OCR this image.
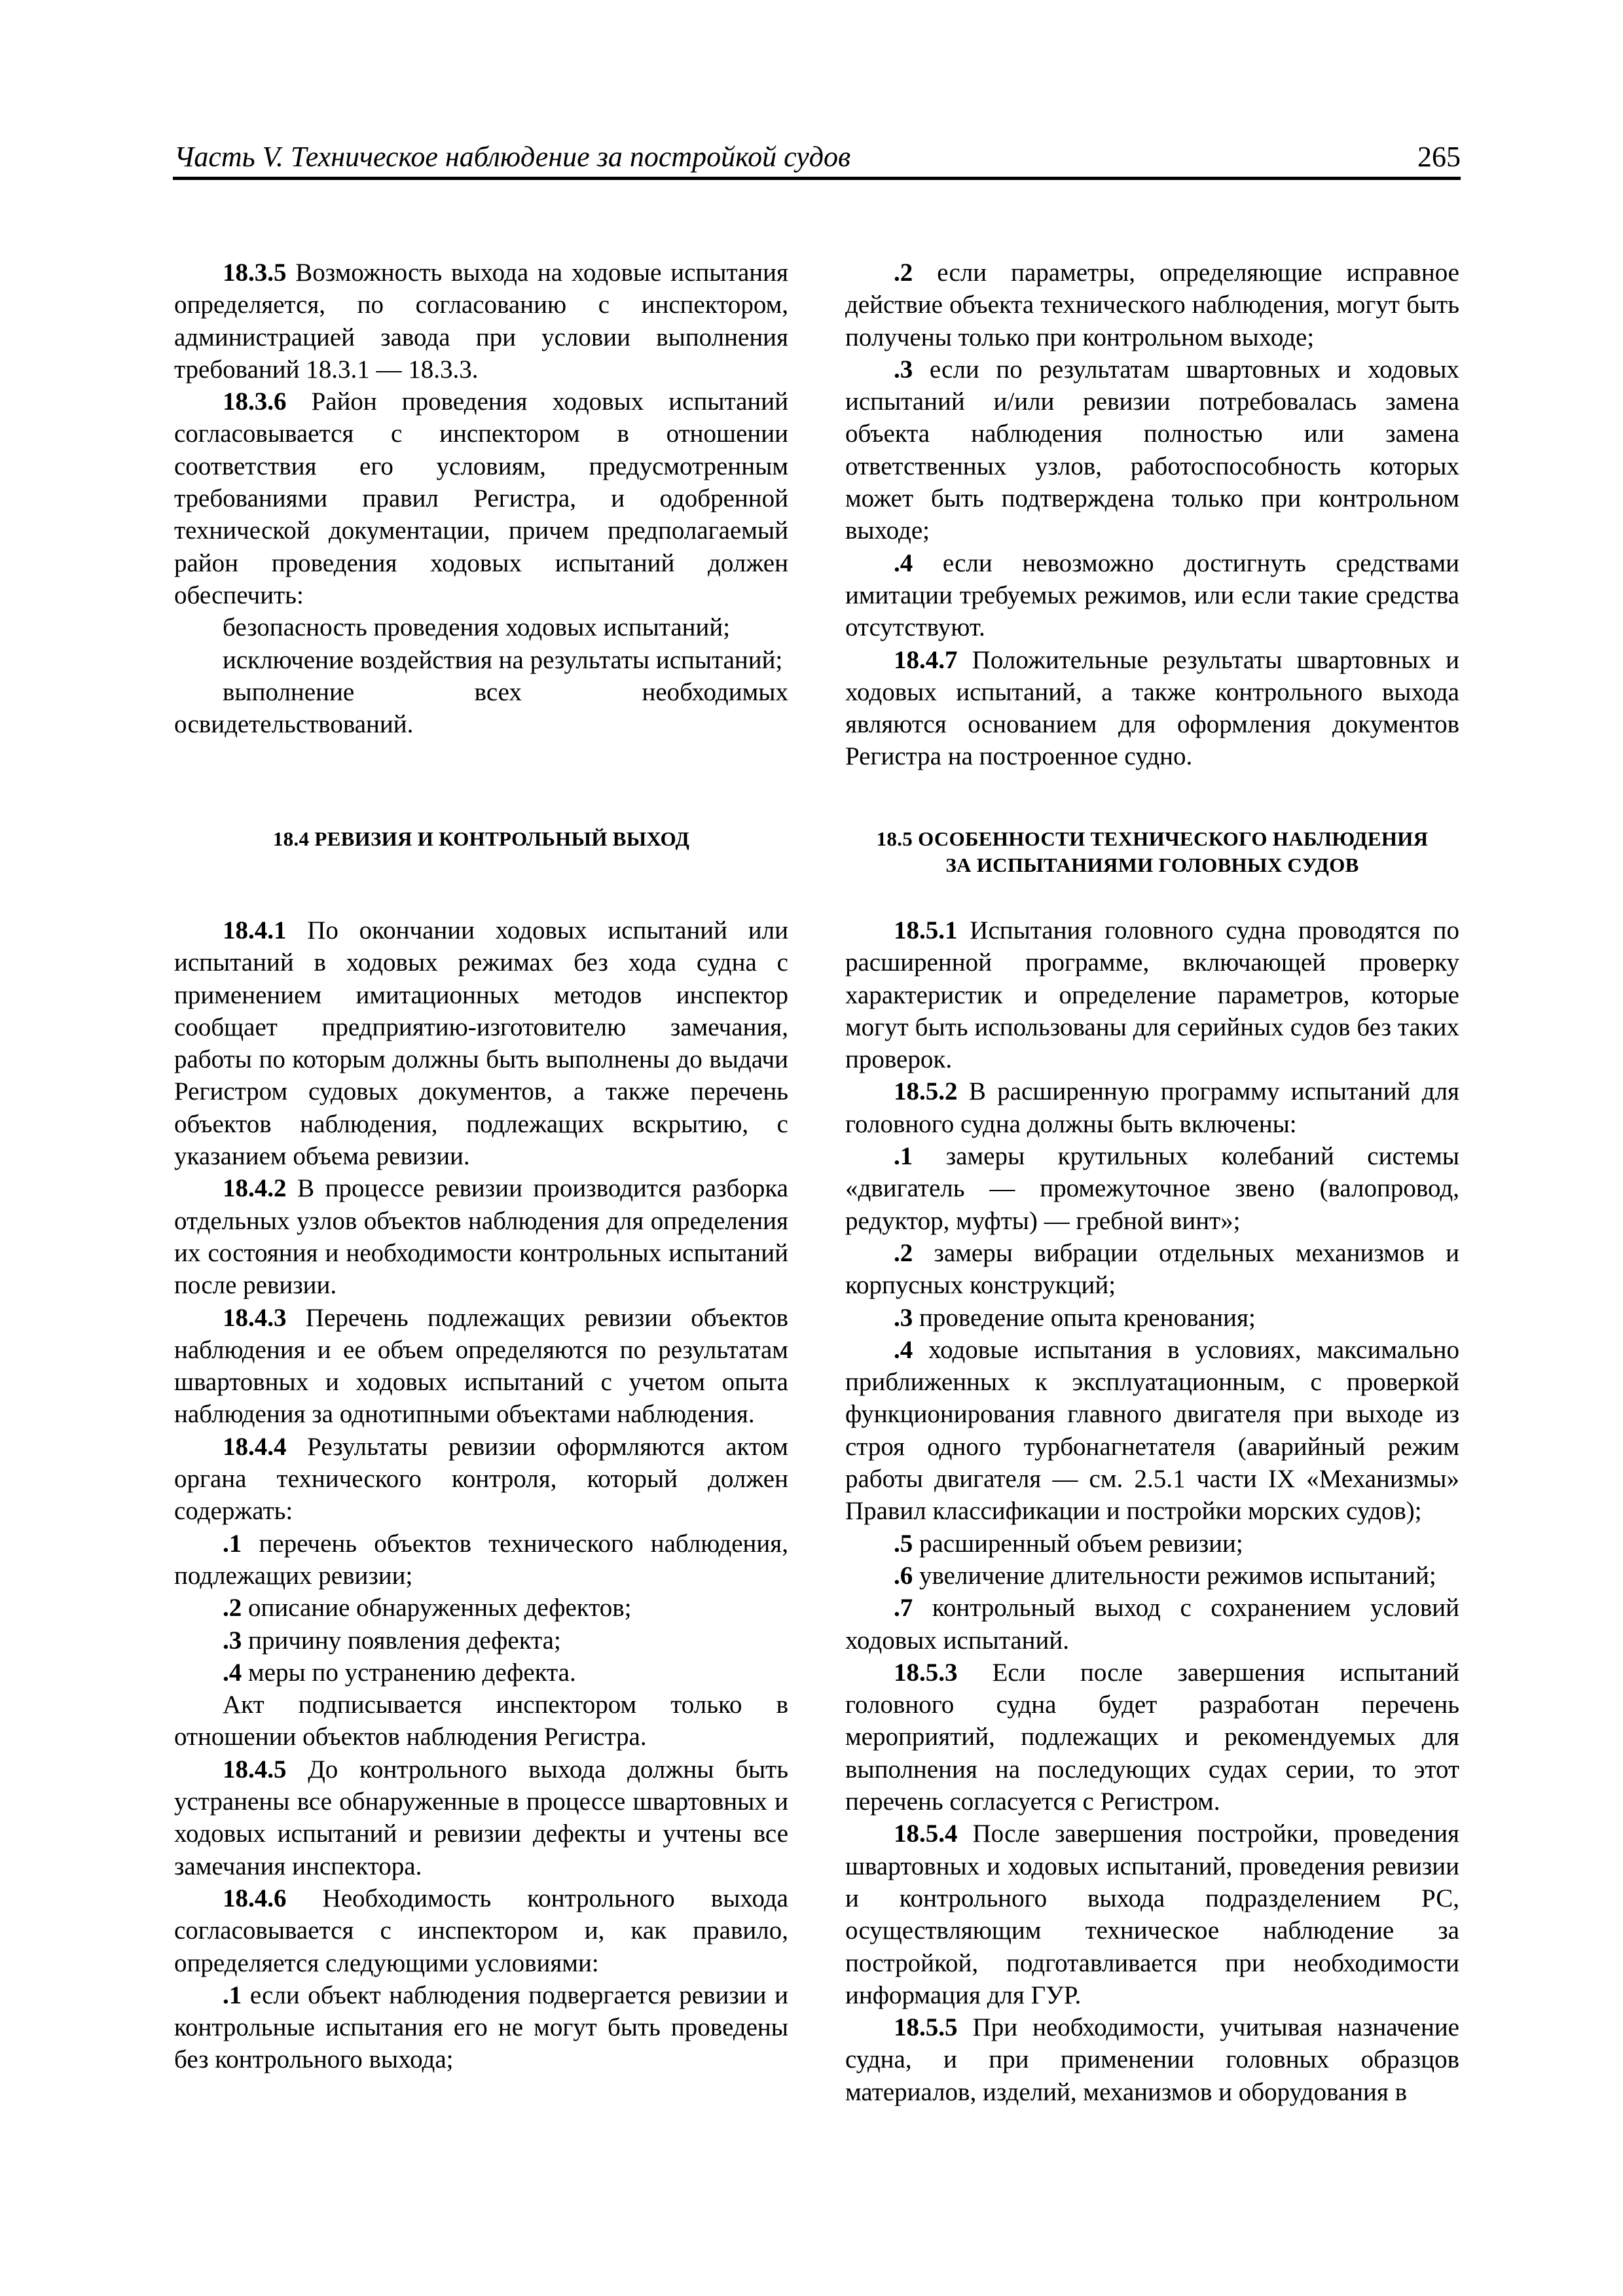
Часть V. Техническое наблюдение за постройкой судов	265

18.3.5 Возможность выхода на ходовые испытания определяется, по согласованию с инспектором, администрацией завода при условии выполнения требований 18.3.1 — 18.3.3.

18.3.6 Район проведения ходовых испытаний согласовывается с инспектором в отношении соответствия его условиям, предусмотренным требованиями правил Регистра, и одобренной технической документации, причем предполагаемый район проведения ходовых испытаний должен обеспечить:

безопасность проведения ходовых испытаний;

исключение воздействия на результаты испытаний;

выполнение всех необходимых освидетельствований.

.2 если параметры, определяющие исправное действие объекта технического наблюдения, могут быть получены только при контрольном выходе;

.3 если по результатам швартовных и ходовых испытаний и/или ревизии потребовалась замена объекта наблюдения полностью или замена ответственных узлов, работоспособность которых может быть подтверждена только при контрольном выходе;

.4 если невозможно достигнуть средствами имитации требуемых режимов, или если такие средства отсутствуют.

18.4.7 Положительные результаты швартовных и ходовых испытаний, а также контрольного выхода являются основанием для оформления документов Регистра на построенное судно.

18.4 РЕВИЗИЯ И КОНТРОЛЬНЫЙ ВЫХОД	18.5 ОСОБЕННОСТИ ТЕХНИЧЕСКОГО НАБЛЮДЕНИЯ
ЗА ИСПЫТАНИЯМИ ГОЛОВНЫХ СУДОВ

18.4.1 По окончании ходовых испытаний или испытаний в ходовых режимах без хода судна с применением имитационных методов инспектор сообщает предприятию-изготовителю замечания, работы по которым должны быть выполнены до выдачи Регистром судовых документов, а также перечень объектов наблюдения, подлежащих вскрытию, с указанием объема ревизии.

18.4.2 В процессе ревизии производится разборка отдельных узлов объектов наблюдения для определения их состояния и необходимости контрольных испытаний после ревизии.

18.4.3 Перечень подлежащих ревизии объектов наблюдения и ее объем определяются по результатам швартовных и ходовых испытаний с учетом опыта наблюдения за однотипными объектами наблюдения.

18.4.4 Результаты ревизии оформляются актом органа технического контроля, который должен содержать:

.1 перечень объектов технического наблюдения, подлежащих ревизии;

.2 описание обнаруженных дефектов;

.3 причину появления дефекта;

.4 меры по устранению дефекта.

Акт подписывается инспектором только в отношении объектов наблюдения Регистра.

18.4.5 До контрольного выхода должны быть устранены все обнаруженные в процессе швартовных и ходовых испытаний и ревизии дефекты и учтены все замечания инспектора.

18.4.6 Необходимость контрольного выхода согласовывается с инспектором и, как правило, определяется следующими условиями:

.1 если объект наблюдения подвергается ревизии и контрольные испытания его не могут быть проведены без контрольного выхода;

18.5.1 Испытания головного судна проводятся по расширенной программе, включающей проверку характеристик и определение параметров, которые могут быть использованы для серийных судов без таких проверок.

18.5.2 В расширенную программу испытаний для головного судна должны быть включены:

.1 замеры крутильных колебаний системы «двигатель — промежуточное звено (валопровод, редуктор, муфты) — гребной винт»;

.2 замеры вибрации отдельных механизмов и корпусных конструкций;

.3 проведение опыта кренования;

.4 ходовые испытания в условиях, максимально приближенных к эксплуатационным, с проверкой функционирования главного двигателя при выходе из строя одного турбонагнетателя (аварийный режим работы двигателя — см. 2.5.1 части IX «Механизмы» Правил классификации и постройки морских судов);

.5 расширенный объем ревизии;

.6 увеличение длительности режимов испытаний;

.7 контрольный выход с сохранением условий ходовых испытаний.

18.5.3 Если после завершения испытаний головного судна будет разработан перечень мероприятий, подлежащих и рекомендуемых для выполнения на последующих судах серии, то этот перечень согласуется с Регистром.

18.5.4 После завершения постройки, проведения швартовных и ходовых испытаний, проведения ревизии и контрольного выхода подразделением РС, осуществляющим техническое наблюдение за постройкой, подготавливается при необходимости информация для ГУР.

18.5.5 При необходимости, учитывая назначение судна, и при применении головных образцов материалов, изделий, механизмов и оборудования в
